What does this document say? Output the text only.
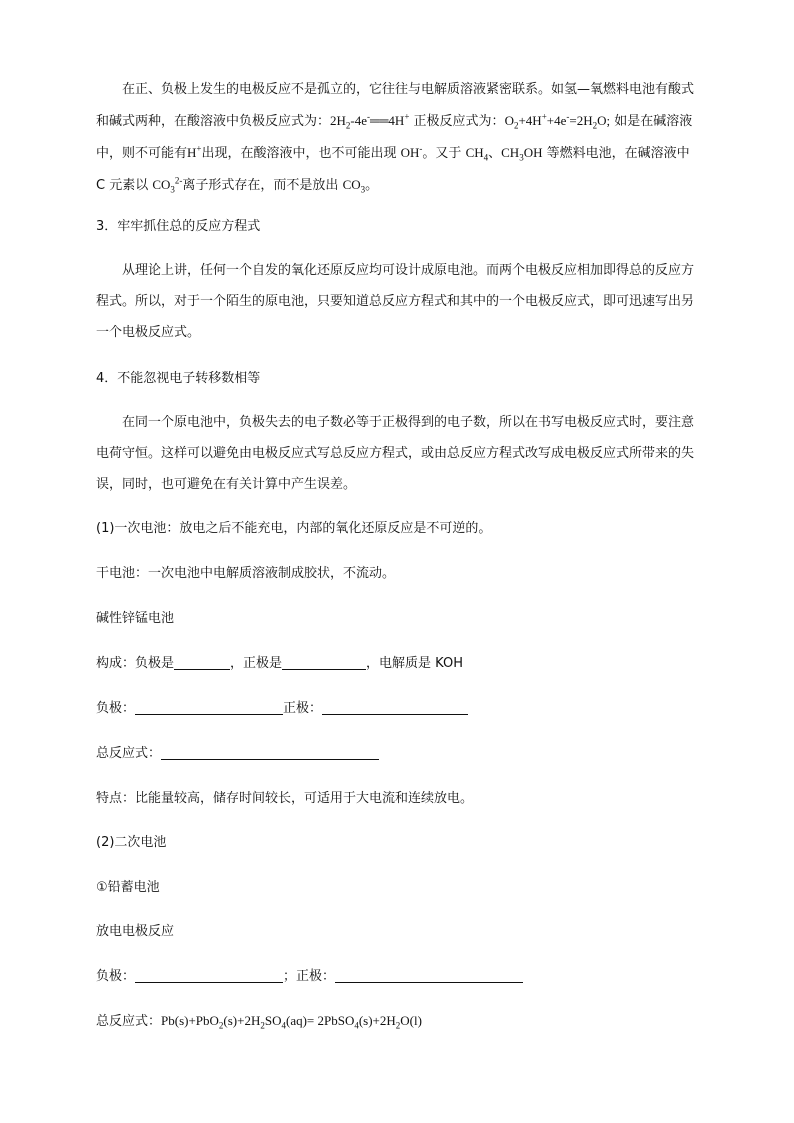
在正、负极上发生的电极反应不是孤立的，它往往与电解质溶液紧密联系。如氢—氧燃料电池有酸式和碱式两种，在酸溶液中负极反应式为：$2H_2-4e^-══4H^+$ 正极反应式为：$O_2+4H^++4e^-=2H_2O$; 如是在碱溶液中，则不可能有H+出现，在酸溶液中，也不可能出现 OH-。又于 $CH_4$、$CH_3OH$ 等燃料电池，在碱溶液中 C 元素以 $CO_3^{2-}$离子形式存在，而不是放出 $CO_3$。

3．牢牢抓住总的反应方程式

从理论上讲，任何一个自发的氧化还原反应均可设计成原电池。而两个电极反应相加即得总的反应方程式。所以，对于一个陌生的原电池，只要知道总反应方程式和其中的一个电极反应式，即可迅速写出另一个电极反应式。

4．不能忽视电子转移数相等

在同一个原电池中，负极失去的电子数必等于正极得到的电子数，所以在书写电极反应式时，要注意电荷守恒。这样可以避免由电极反应式写总反应方程式，或由总反应方程式改写成电极反应式所带来的失误，同时，也可避免在有关计算中产生误差。

(1)一次电池：放电之后不能充电，内部的氧化还原反应是不可逆的。
干电池：一次电池中电解质溶液制成胶状，不流动。
碱性锌锰电池
构成：负极是	，正极是	，电解质是 KOH
负极：	正极：
总反应式：
特点：比能量较高，储存时间较长，可适用于大电流和连续放电。
(2)二次电池
①铅蓄电池
放电电极反应
负极：	；正极：
总反应式：$Pb(s)+PbO_2(s)+2H_2SO_4(aq)=$ $2PbSO_4(s)+2H_2O(l)$
